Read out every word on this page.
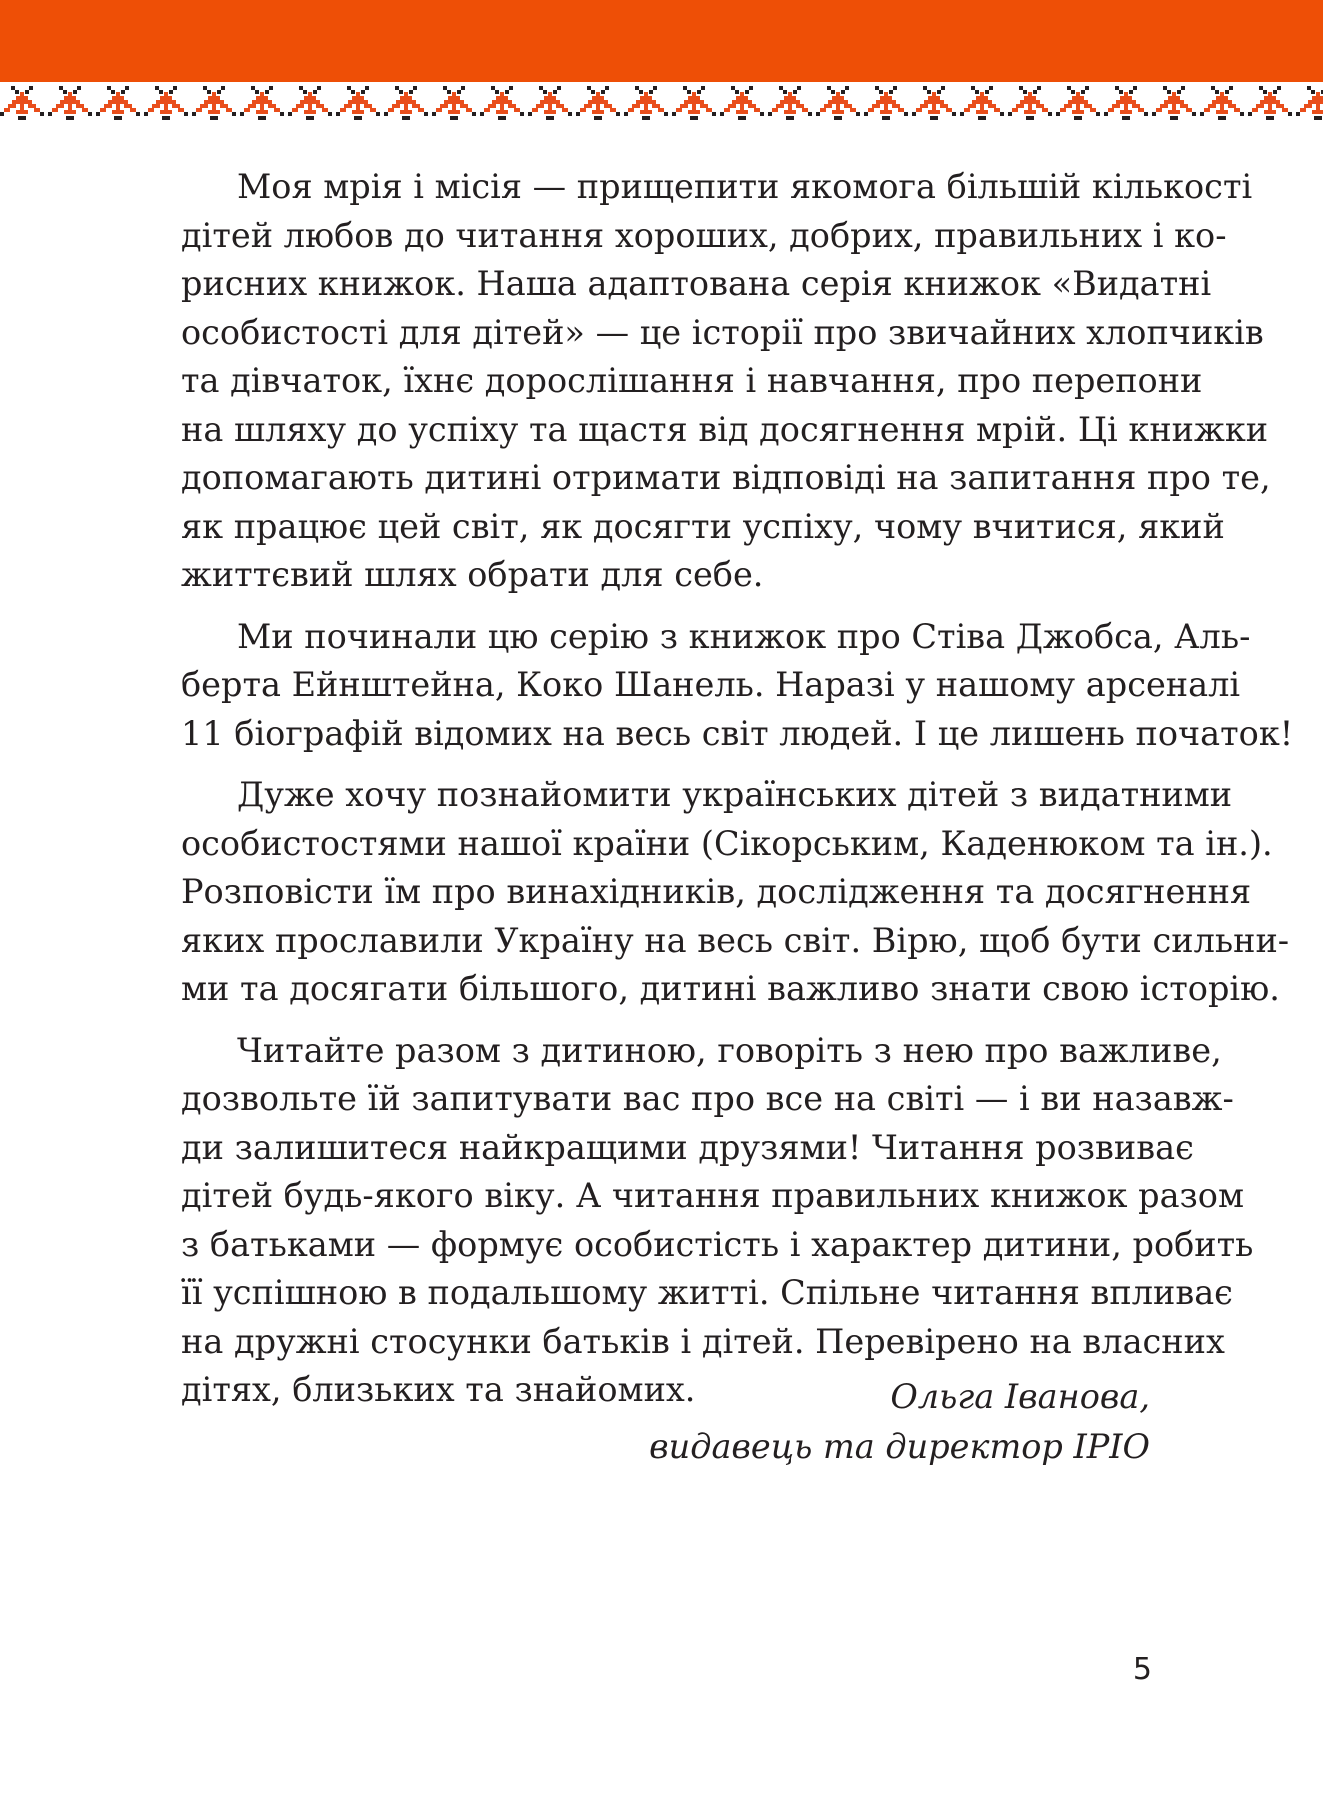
Моя мрія і місія — прищепити якомога більшій кількості
дітей любов до читання хороших, добрих, правильних і ко-
рисних книжок. Наша адаптована серія книжок «Видатні
особистості для дітей» — це історії про звичайних хлопчиків
та дівчаток, їхнє дорослішання і навчання, про перепони
на шляху до успіху та щастя від досягнення мрій. Ці книжки
допомагають дитині отримати відповіді на запитання про те,
як працює цей світ, як досягти успіху, чому вчитися, який
життєвий шлях обрати для себе.

Ми починали цю серію з книжок про Стіва Джобса, Аль-
берта Ейнштейна, Коко Шанель. Наразі у нашому арсеналі
11 біографій відомих на весь світ людей. І це лишень початок!

Дуже хочу познайомити українських дітей з видатними
особистостями нашої країни (Сікорським, Каденюком та ін.).
Розповісти їм про винахідників, дослідження та досягнення
яких прославили Україну на весь світ. Вірю, щоб бути сильни-
ми та досягати більшого, дитині важливо знати свою історію.

Читайте разом з дитиною, говоріть з нею про важливе,
дозвольте їй запитувати вас про все на світі — і ви назавж-
ди залишитеся найкращими друзями! Читання розвиває
дітей будь-якого віку. А читання правильних книжок разом
з батьками — формує особистість і характер дитини, робить
її успішною в подальшому житті. Спільне читання впливає
на дружні стосунки батьків і дітей. Перевірено на власних
дітях, близьких та знайомих.	Ольга Іванова,
видавець та директор ІРІО
5
